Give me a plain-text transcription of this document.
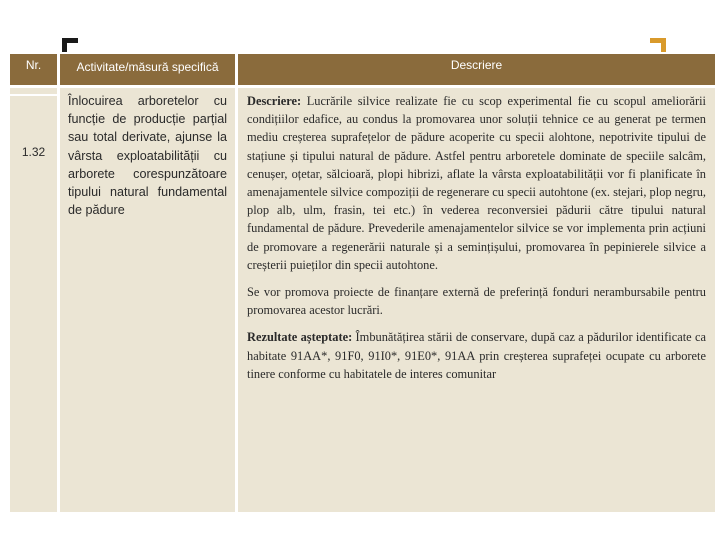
Nr.	Activitate/măsură specifică	Descriere
1.32
Înlocuirea arboretelor cu funcție de producție parțial sau total derivate, ajunse la vârsta exploatabilității cu arborete corespunzătoare tipului natural fundamental de pădure

Descriere: Lucrările silvice realizate fie cu scop experimental fie cu scopul ameliorării condițiilor edafice, au condus la promovarea unor soluții tehnice ce au generat pe termen mediu creșterea suprafețelor de pădure acoperite cu specii alohtone, nepotrivite tipului de stațiune și tipului natural de pădure. Astfel pentru arboretele dominate de speciile salcâm, cenușer, oțetar, sălcioară, plopi hibrizi, aflate la vârsta exploatabilității vor fi planificate în amenajamentele silvice compoziții de regenerare cu specii autohtone (ex. stejari, plop negru, plop alb, ulm, frasin, tei etc.) în vederea reconversiei pădurii către tipului natural fundamental de pădure. Prevederile amenajamentelor silvice se vor implementa prin acțiuni de promovare a regenerării naturale și a semințișului, promovarea în pepinierele silvice a creșterii puieților din specii autohtone.

Se vor promova proiecte de finanțare externă de preferință fonduri nerambursabile pentru promovarea acestor lucrări.

Rezultate așteptate: Îmbunătățirea stării de conservare, după caz a pădurilor identificate ca habitate 91AA*, 91F0, 91I0*, 91E0*, 91AA prin creșterea suprafeței ocupate cu arborete tinere conforme cu habitatele de interes comunitar
